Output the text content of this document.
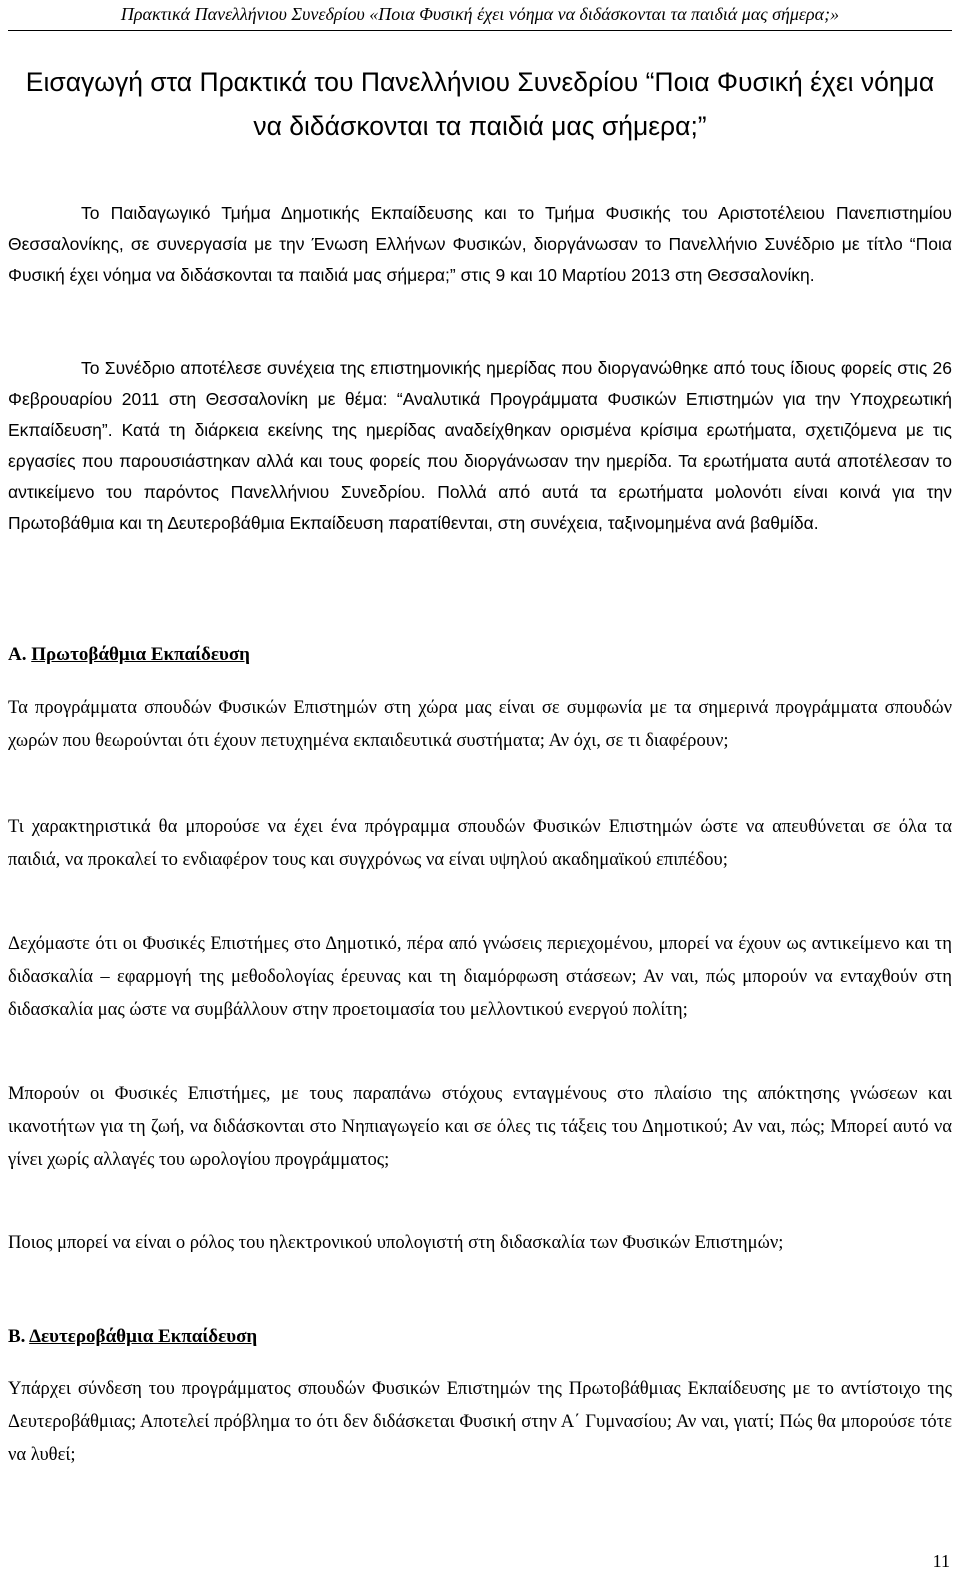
Πρακτικά Πανελλήνιου Συνεδρίου «Ποια Φυσική έχει νόημα να διδάσκονται τα παιδιά μας σήμερα;»
Εισαγωγή στα Πρακτικά του Πανελλήνιου Συνεδρίου “Ποια Φυσική έχει νόημα να διδάσκονται τα παιδιά μας σήμερα;”

Το Παιδαγωγικό Τμήμα Δημοτικής Εκπαίδευσης και το Τμήμα Φυσικής του Αριστοτέλειου Πανεπιστημίου Θεσσαλονίκης, σε συνεργασία με την Ένωση Ελλήνων Φυσικών, διοργάνωσαν το Πανελλήνιο Συνέδριο με τίτλο “Ποια Φυσική έχει νόημα να διδάσκονται τα παιδιά μας σήμερα;” στις 9 και 10 Μαρτίου 2013 στη Θεσσαλονίκη.

Το Συνέδριο αποτέλεσε συνέχεια της επιστημονικής ημερίδας που διοργανώθηκε από τους ίδιους φορείς στις 26 Φεβρουαρίου 2011 στη Θεσσαλονίκη με θέμα: “Αναλυτικά Προγράμματα Φυσικών Επιστημών για την Υποχρεωτική Εκπαίδευση”. Κατά τη διάρκεια εκείνης της ημερίδας αναδείχθηκαν ορισμένα κρίσιμα ερωτήματα, σχετιζόμενα με τις εργασίες που παρουσιάστηκαν αλλά και τους φορείς που διοργάνωσαν την ημερίδα. Τα ερωτήματα αυτά αποτέλεσαν το αντικείμενο του παρόντος Πανελλήνιου Συνεδρίου. Πολλά από αυτά τα ερωτήματα μολονότι είναι κοινά για την Πρωτοβάθμια και τη Δευτεροβάθμια Εκπαίδευση παρατίθενται, στη συνέχεια, ταξινομημένα ανά βαθμίδα.

Α. Πρωτοβάθμια Εκπαίδευση

Τα προγράμματα σπουδών Φυσικών Επιστημών στη χώρα μας είναι σε συμφωνία με τα σημερινά προγράμματα σπουδών χωρών που θεωρούνται ότι έχουν πετυχημένα εκπαιδευτικά συστήματα; Αν όχι, σε τι διαφέρουν;

Τι χαρακτηριστικά θα μπορούσε να έχει ένα πρόγραμμα σπουδών Φυσικών Επιστημών ώστε να απευθύνεται σε όλα τα παιδιά, να προκαλεί το ενδιαφέρον τους και συγχρόνως να είναι υψηλού ακαδημαϊκού επιπέδου;

Δεχόμαστε ότι οι Φυσικές Επιστήμες στο Δημοτικό, πέρα από γνώσεις περιεχομένου, μπορεί να έχουν ως αντικείμενο και τη διδασκαλία – εφαρμογή της μεθοδολογίας έρευνας και τη διαμόρφωση στάσεων; Αν ναι, πώς μπορούν να ενταχθούν στη διδασκαλία μας ώστε να συμβάλλουν στην προετοιμασία του μελλοντικού ενεργού πολίτη;

Μπορούν οι Φυσικές Επιστήμες, με τους παραπάνω στόχους ενταγμένους στο πλαίσιο της απόκτησης γνώσεων και ικανοτήτων για τη ζωή, να διδάσκονται στο Νηπιαγωγείο και σε όλες τις τάξεις του Δημοτικού; Αν ναι, πώς; Μπορεί αυτό να γίνει χωρίς αλλαγές του ωρολογίου προγράμματος;

Ποιος μπορεί να είναι ο ρόλος του ηλεκτρονικού υπολογιστή στη διδασκαλία των Φυσικών Επιστημών;

Β. Δευτεροβάθμια Εκπαίδευση

Υπάρχει σύνδεση του προγράμματος σπουδών Φυσικών Επιστημών της Πρωτοβάθμιας Εκπαίδευσης με το αντίστοιχο της Δευτεροβάθμιας; Αποτελεί πρόβλημα το ότι δεν διδάσκεται Φυσική στην Α΄ Γυμνασίου; Αν ναι, γιατί; Πώς θα μπορούσε τότε να λυθεί;

11
